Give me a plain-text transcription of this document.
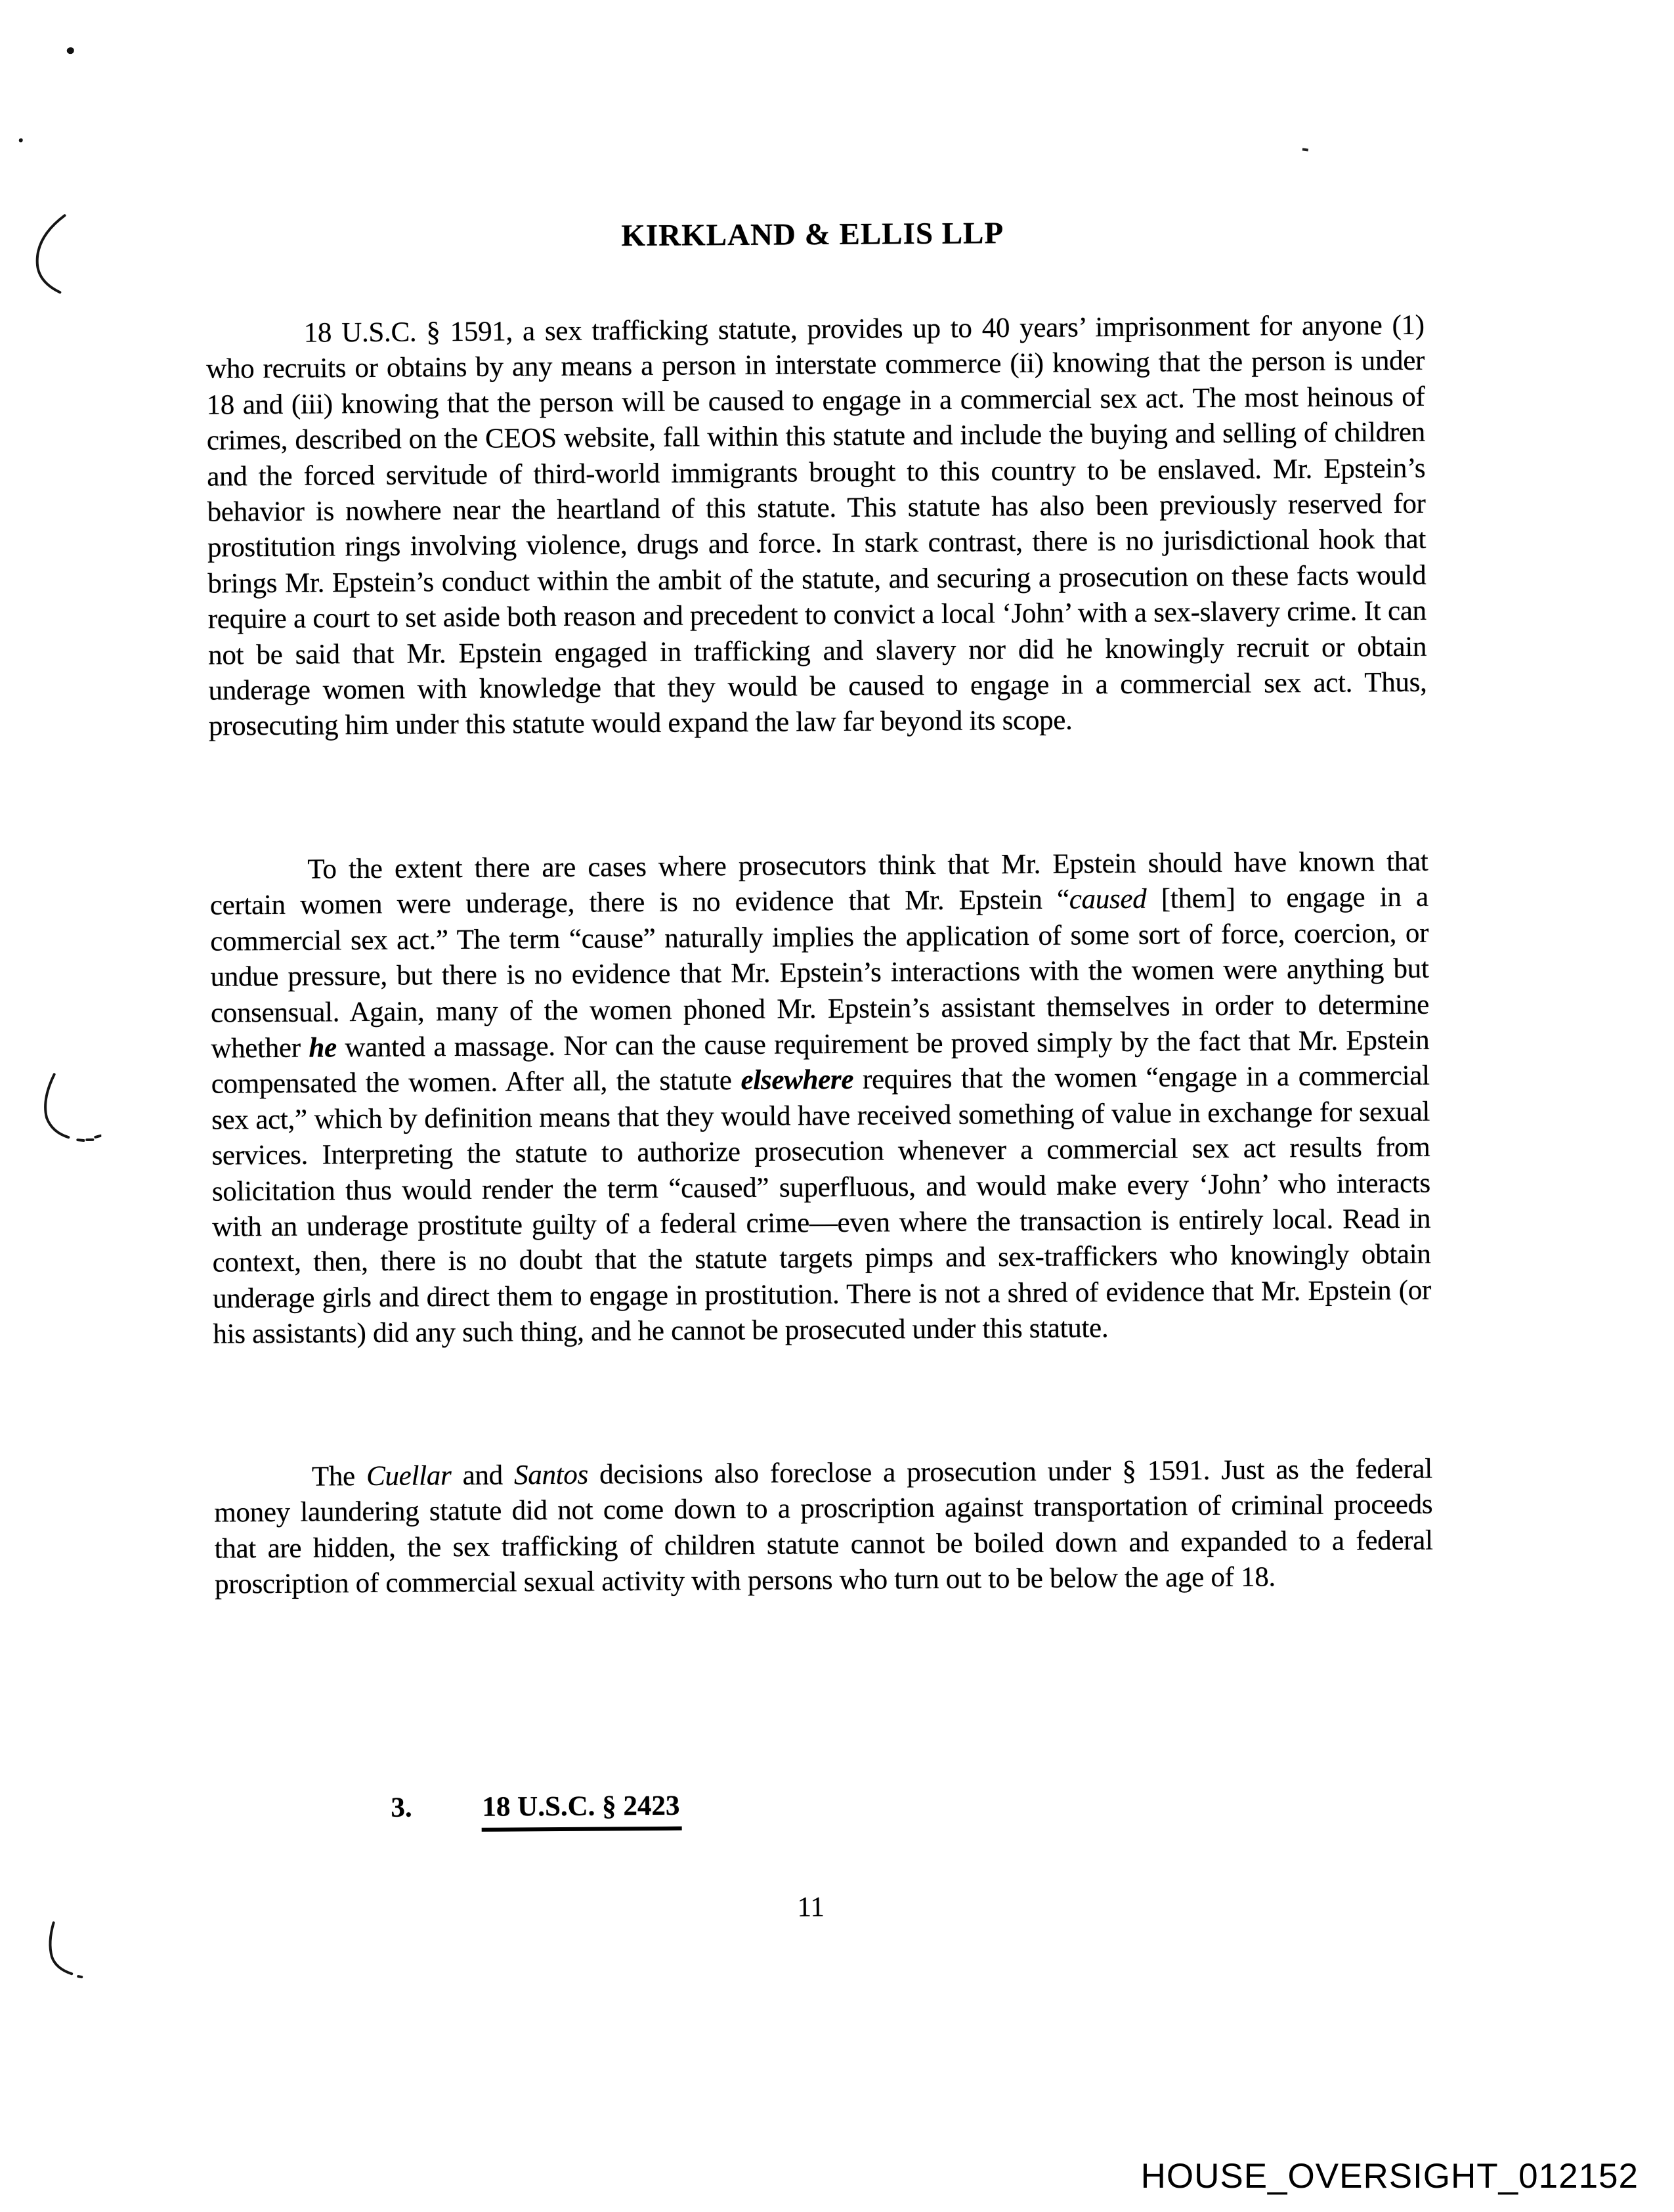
KIRKLAND & ELLIS LLP

18 U.S.C. § 1591, a sex trafficking statute, provides up to 40 years’ imprisonment for anyone (1) who recruits or obtains by any means a person in interstate commerce (ii) knowing that the person is under 18 and (iii) knowing that the person will be caused to engage in a commercial sex act. The most heinous of crimes, described on the CEOS website, fall within this statute and include the buying and selling of children and the forced servitude of third-world immigrants brought to this country to be enslaved. Mr. Epstein’s behavior is nowhere near the heartland of this statute. This statute has also been previously reserved for prostitution rings involving violence, drugs and force. In stark contrast, there is no jurisdictional hook that brings Mr. Epstein’s conduct within the ambit of the statute, and securing a prosecution on these facts would require a court to set aside both reason and precedent to convict a local ‘John’ with a sex-slavery crime. It can not be said that Mr. Epstein engaged in trafficking and slavery nor did he knowingly recruit or obtain underage women with knowledge that they would be caused to engage in a commercial sex act. Thus, prosecuting him under this statute would expand the law far beyond its scope.

To the extent there are cases where prosecutors think that Mr. Epstein should have known that certain women were underage, there is no evidence that Mr. Epstein “caused [them] to engage in a commercial sex act.” The term “cause” naturally implies the application of some sort of force, coercion, or undue pressure, but there is no evidence that Mr. Epstein’s interactions with the women were anything but consensual. Again, many of the women phoned Mr. Epstein’s assistant themselves in order to determine whether he wanted a massage. Nor can the cause requirement be proved simply by the fact that Mr. Epstein compensated the women. After all, the statute elsewhere requires that the women “engage in a commercial sex act,” which by definition means that they would have received something of value in exchange for sexual services. Interpreting the statute to authorize prosecution whenever a commercial sex act results from solicitation thus would render the term “caused” superfluous, and would make every ‘John’ who interacts with an underage prostitute guilty of a federal crime—even where the transaction is entirely local. Read in context, then, there is no doubt that the statute targets pimps and sex-traffickers who knowingly obtain underage girls and direct them to engage in prostitution. There is not a shred of evidence that Mr. Epstein (or his assistants) did any such thing, and he cannot be prosecuted under this statute.

The Cuellar and Santos decisions also foreclose a prosecution under § 1591. Just as the federal money laundering statute did not come down to a proscription against transportation of criminal proceeds that are hidden, the sex trafficking of children statute cannot be boiled down and expanded to a federal proscription of commercial sexual activity with persons who turn out to be below the age of 18.

3. 18 U.S.C. § 2423
11
HOUSE_OVERSIGHT_012152
